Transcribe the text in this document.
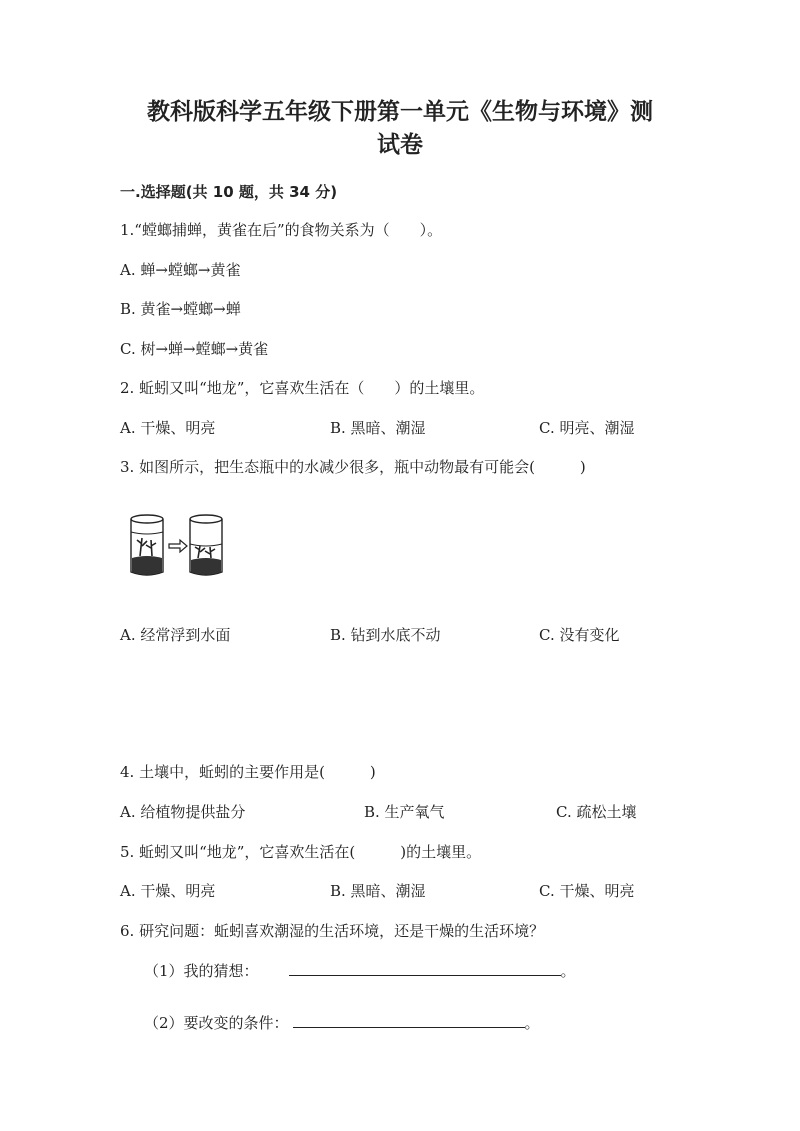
教科版科学五年级下册第一单元《生物与环境》测
试卷
一.选择题(共 10 题，共 34 分)
1.“螳螂捕蝉，黄雀在后”的食物关系为（　　）。
A. 蝉→螳螂→黄雀
B. 黄雀→螳螂→蝉
C. 树→蝉→螳螂→黄雀
2. 蚯蚓又叫“地龙”，它喜欢生活在（　　）的土壤里。
A. 干燥、明亮	B. 黑暗、潮湿	C. 明亮、潮湿
3. 如图所示，把生态瓶中的水减少很多，瓶中动物最有可能会(　　　)
A. 经常浮到水面	B. 钻到水底不动	C. 没有变化
4. 土壤中，蚯蚓的主要作用是(　　　)
A. 给植物提供盐分	B. 生产氧气	C. 疏松土壤
5. 蚯蚓又叫“地龙”，它喜欢生活在(　　　)的土壤里。
A. 干燥、明亮	B. 黑暗、潮湿	C. 干燥、明亮
6. 研究问题：蚯蚓喜欢潮湿的生活环境，还是干燥的生活环境？
（1）我的猜想：	。
（2）要改变的条件：	。
